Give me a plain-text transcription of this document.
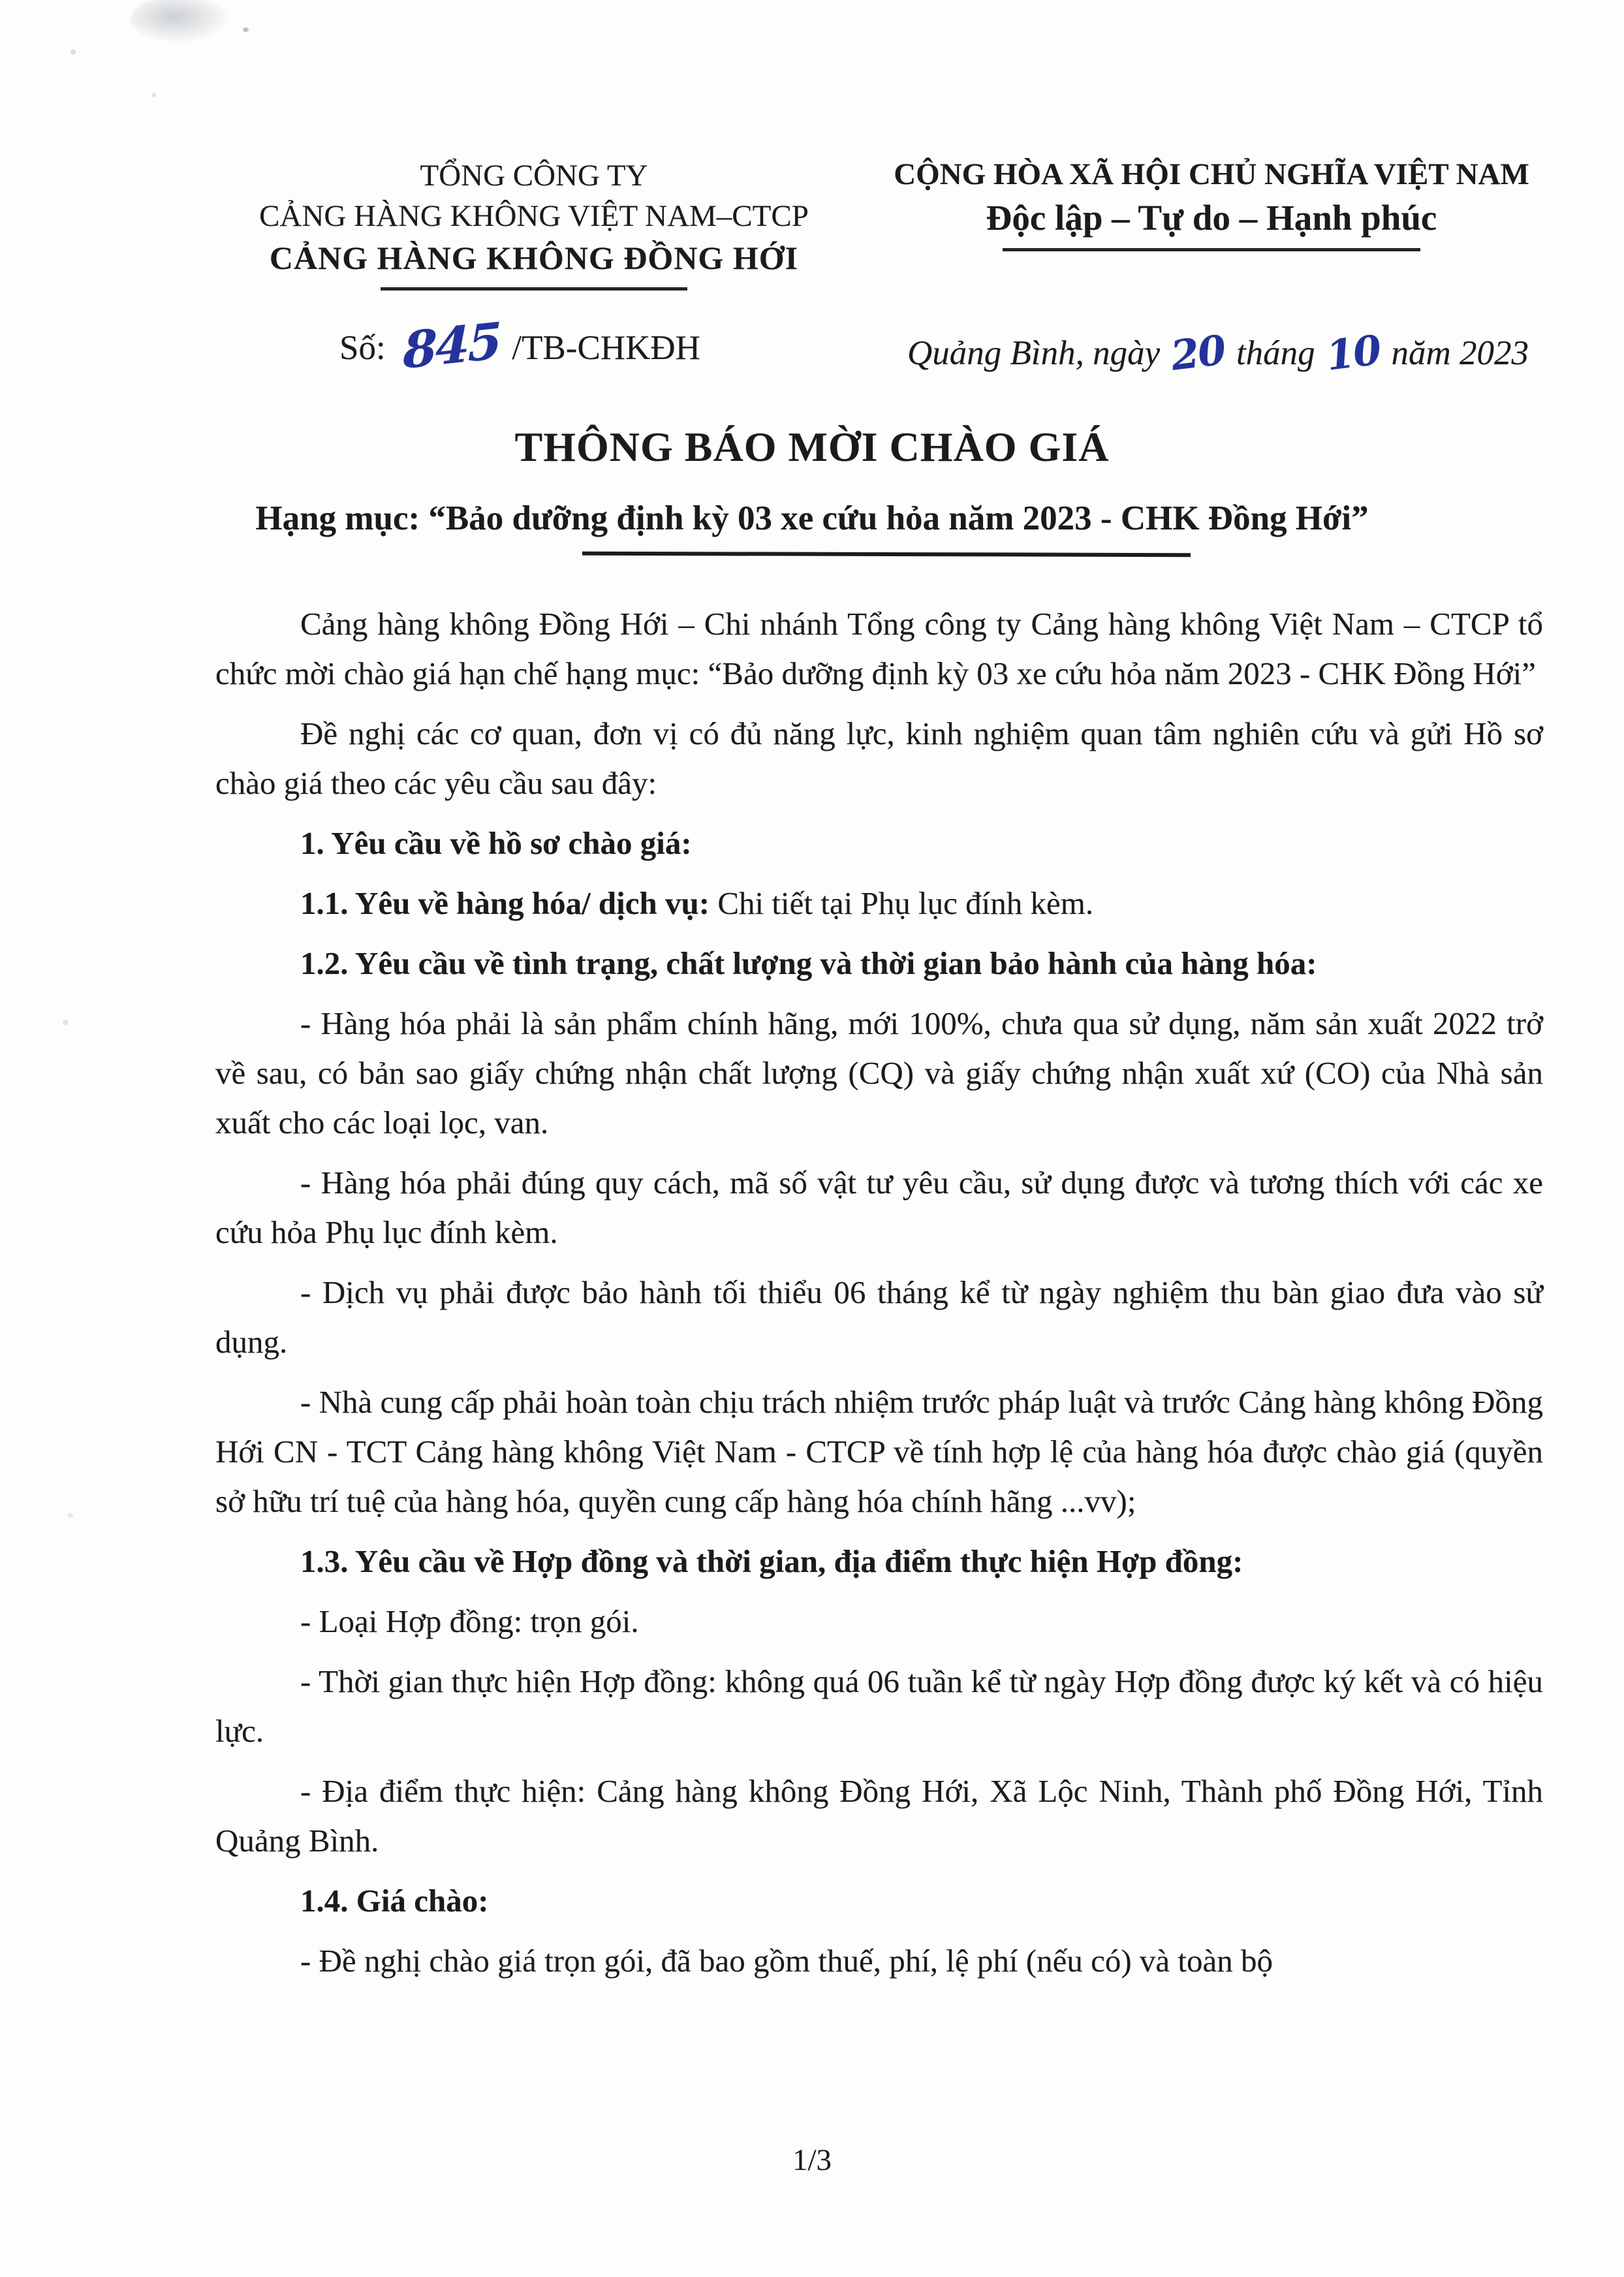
TỔNG CÔNG TY
CẢNG HÀNG KHÔNG VIỆT NAM–CTCP
CẢNG HÀNG KHÔNG ĐỒNG HỚI
CỘNG HÒA XÃ HỘI CHỦ NGHĨA VIỆT NAM
Độc lập – Tự do – Hạnh phúc
Số: 845 /TB-CHKĐH	Quảng Bình, ngày 20 tháng 10 năm 2023
THÔNG BÁO MỜI CHÀO GIÁ
Hạng mục: “Bảo dưỡng định kỳ 03 xe cứu hỏa năm 2023 - CHK Đồng Hới”

Cảng hàng không Đồng Hới – Chi nhánh Tổng công ty Cảng hàng không Việt Nam – CTCP tổ chức mời chào giá hạn chế hạng mục: “Bảo dưỡng định kỳ 03 xe cứu hỏa năm 2023 - CHK Đồng Hới”

Đề nghị các cơ quan, đơn vị có đủ năng lực, kinh nghiệm quan tâm nghiên cứu và gửi Hồ sơ chào giá theo các yêu cầu sau đây:

1. Yêu cầu về hồ sơ chào giá:

1.1. Yêu về hàng hóa/ dịch vụ: Chi tiết tại Phụ lục đính kèm.

1.2. Yêu cầu về tình trạng, chất lượng và thời gian bảo hành của hàng hóa:

- Hàng hóa phải là sản phẩm chính hãng, mới 100%, chưa qua sử dụng, năm sản xuất 2022 trở về sau, có bản sao giấy chứng nhận chất lượng (CQ) và giấy chứng nhận xuất xứ (CO) của Nhà sản xuất cho các loại lọc, van.

- Hàng hóa phải đúng quy cách, mã số vật tư yêu cầu, sử dụng được và tương thích với các xe cứu hỏa Phụ lục đính kèm.

- Dịch vụ phải được bảo hành tối thiểu 06 tháng kể từ ngày nghiệm thu bàn giao đưa vào sử dụng.

- Nhà cung cấp phải hoàn toàn chịu trách nhiệm trước pháp luật và trước Cảng hàng không Đồng Hới CN - TCT Cảng hàng không Việt Nam - CTCP về tính hợp lệ của hàng hóa được chào giá (quyền sở hữu trí tuệ của hàng hóa, quyền cung cấp hàng hóa chính hãng ...vv);

1.3. Yêu cầu về Hợp đồng và thời gian, địa điểm thực hiện Hợp đồng:

- Loại Hợp đồng: trọn gói.

- Thời gian thực hiện Hợp đồng: không quá 06 tuần kể từ ngày Hợp đồng được ký kết và có hiệu lực.

- Địa điểm thực hiện: Cảng hàng không Đồng Hới, Xã Lộc Ninh, Thành phố Đồng Hới, Tỉnh Quảng Bình.

1.4. Giá chào:

- Đề nghị chào giá trọn gói, đã bao gồm thuế, phí, lệ phí (nếu có) và toàn bộ

1/3
